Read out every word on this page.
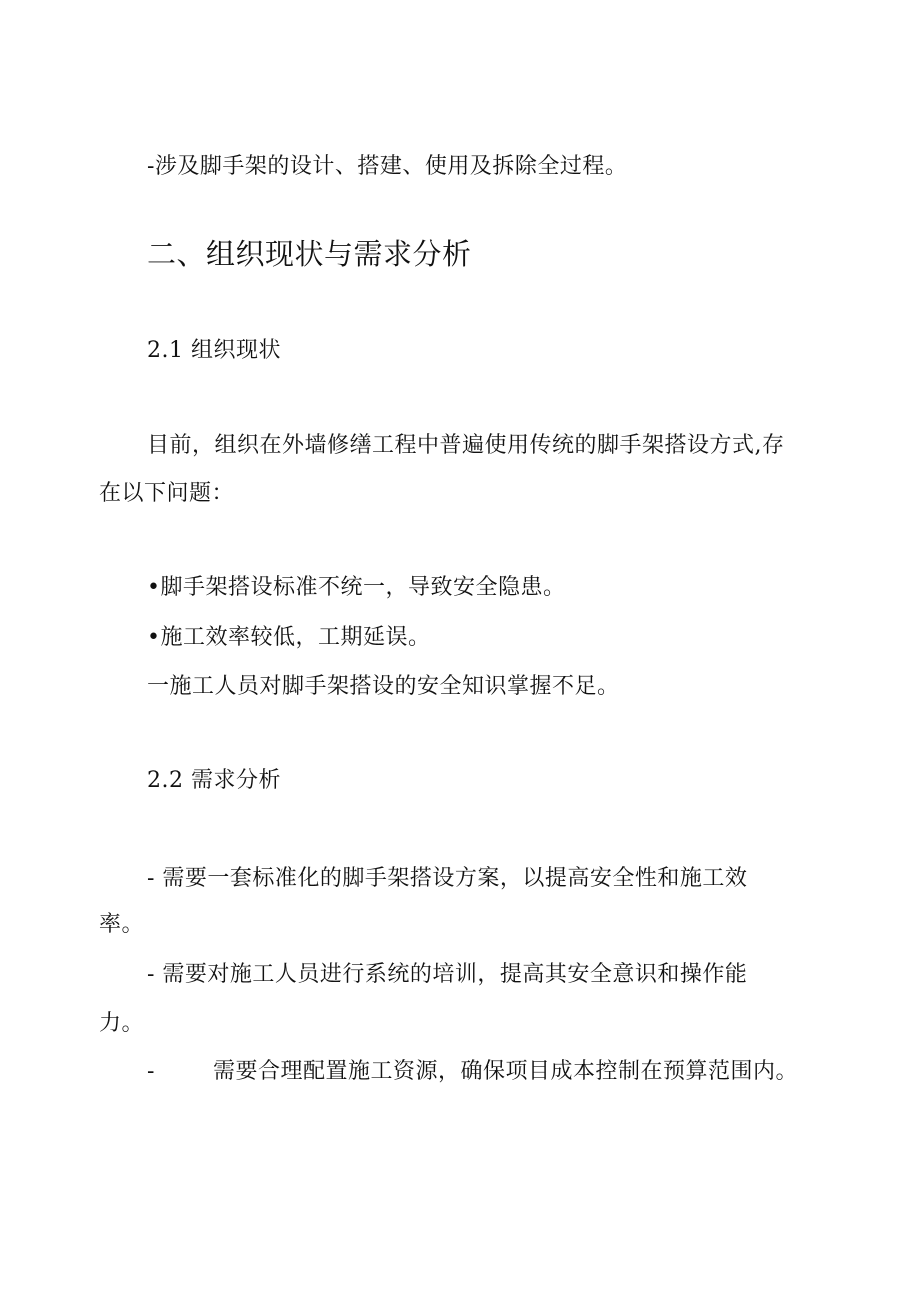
-涉及脚手架的设计、搭建、使用及拆除全过程。
二、组织现状与需求分析
2.1 组织现状
目前，组织在外墙修缮工程中普遍使用传统的脚手架搭设方式,存
在以下问题：
•脚手架搭设标准不统一，导致安全隐患。
•施工效率较低，工期延误。
一施工人员对脚手架搭设的安全知识掌握不足。
2.2 需求分析
- 需要一套标准化的脚手架搭设方案，以提高安全性和施工效
率。
- 需要对施工人员进行系统的培训，提高其安全意识和操作能
力。
-	需要合理配置施工资源，确保项目成本控制在预算范围内。
